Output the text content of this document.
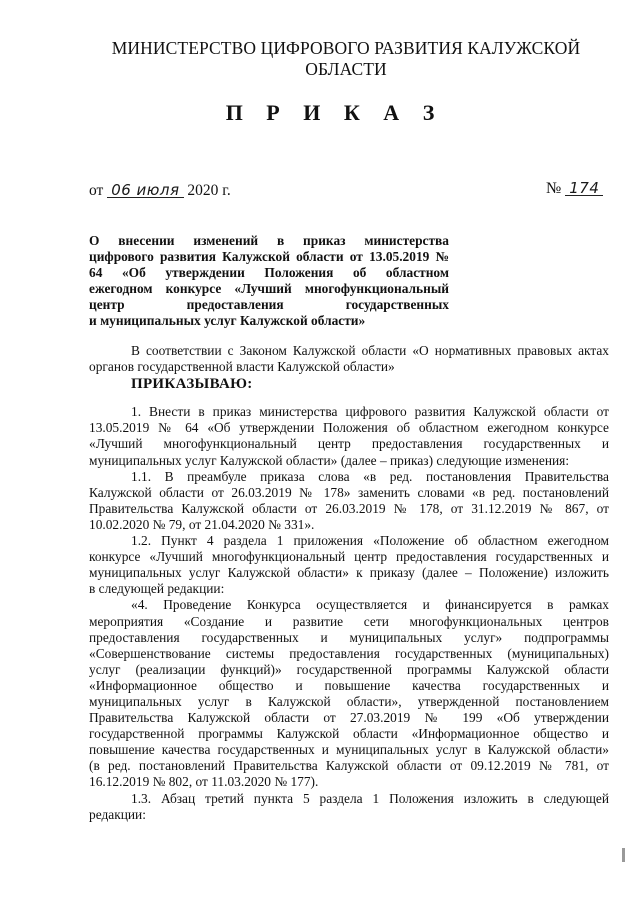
МИНИСТЕРСТВО ЦИФРОВОГО РАЗВИТИЯ КАЛУЖСКОЙ ОБЛАСТИ
П Р И К А З
от 06 июля 2020 г.	№ 174
О внесении изменений в приказ министерства
цифрового развития Калужской области от 13.05.2019 №
64 «Об утверждении Положения об областном
ежегодном конкурсе «Лучший многофункциональный
центр предоставления государственных
и муниципальных услуг Калужской области»
В соответствии с Законом Калужской области «О нормативных правовых актах
органов государственной власти Калужской области»
ПРИКАЗЫВАЮ:
1. Внести в приказ министерства цифрового развития Калужской области от
13.05.2019 № 64 «Об утверждении Положения об областном ежегодном конкурсе
«Лучший многофункциональный центр предоставления государственных и
муниципальных услуг Калужской области» (далее – приказ) следующие изменения:
1.1. В преамбуле приказа слова «в ред. постановления Правительства
Калужской области от 26.03.2019 № 178» заменить словами «в ред. постановлений
Правительства Калужской области от 26.03.2019 № 178, от 31.12.2019 № 867, от
10.02.2020 № 79, от 21.04.2020 № 331».
1.2. Пункт 4 раздела 1 приложения «Положение об областном ежегодном
конкурсе «Лучший многофункциональный центр предоставления государственных и
муниципальных услуг Калужской области» к приказу (далее – Положение) изложить
в следующей редакции:
«4. Проведение Конкурса осуществляется и финансируется в рамках
мероприятия «Создание и развитие сети многофункциональных центров
предоставления государственных и муниципальных услуг» подпрограммы
«Совершенствование системы предоставления государственных (муниципальных)
услуг (реализации функций)» государственной программы Калужской области
«Информационное общество и повышение качества государственных и
муниципальных услуг в Калужской области», утвержденной постановлением
Правительства Калужской области от 27.03.2019 № 199 «Об утверждении
государственной программы Калужской области «Информационное общество и
повышение качества государственных и муниципальных услуг в Калужской области»
(в ред. постановлений Правительства Калужской области от 09.12.2019 № 781, от
16.12.2019 № 802, от 11.03.2020 № 177).
1.3. Абзац третий пункта 5 раздела 1 Положения изложить в следующей
редакции:
